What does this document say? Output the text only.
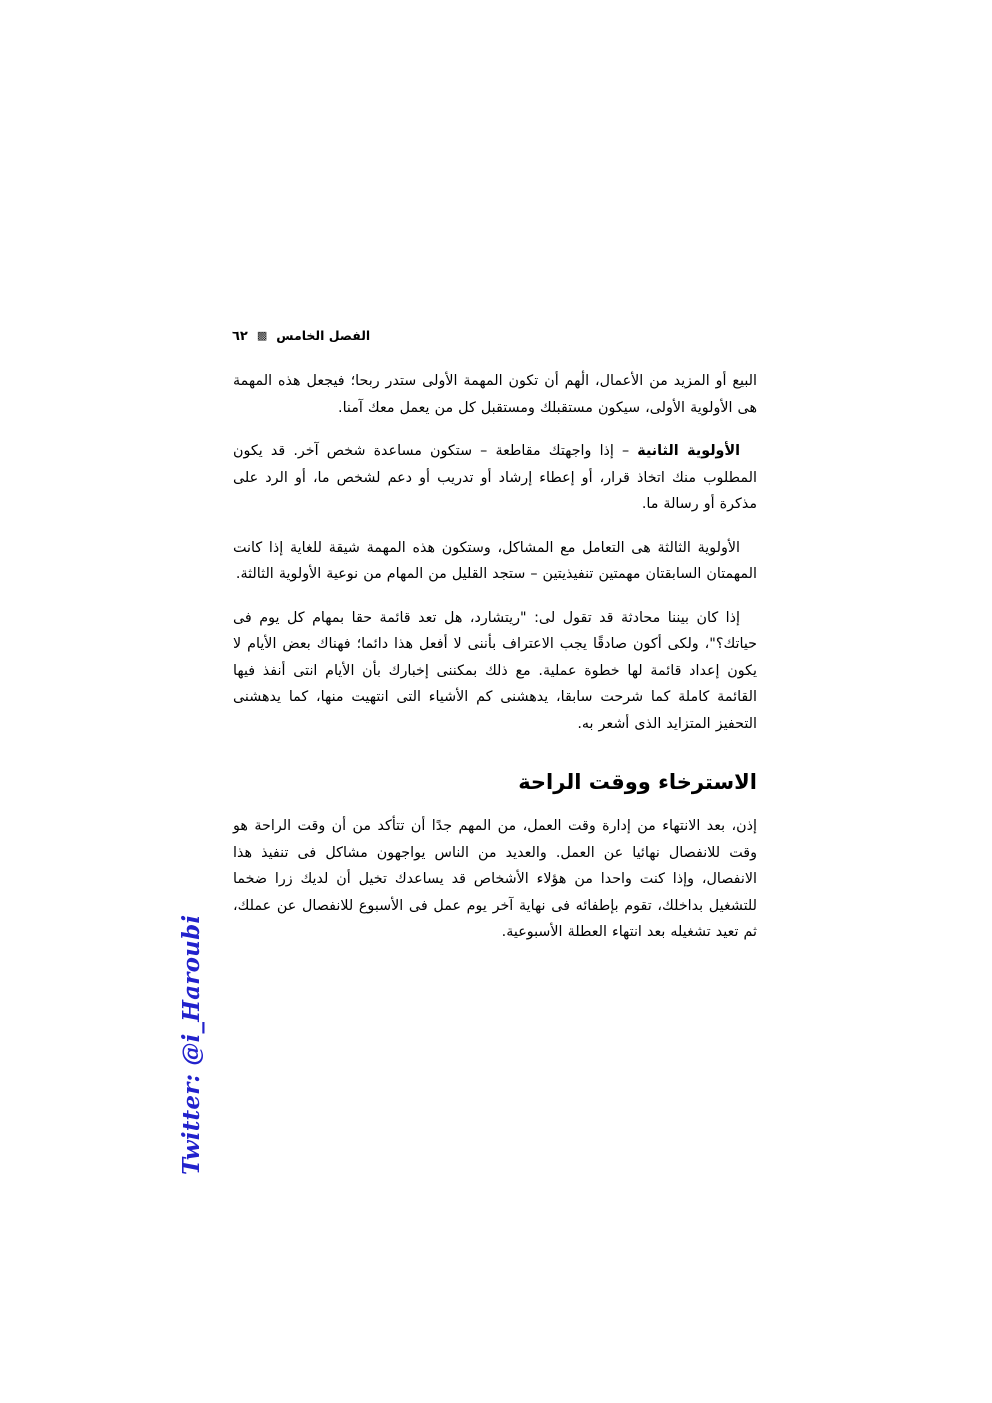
٦٢ ▩ الفصل الخامس

البيع أو المزيد من الأعمال، الٔهم أن تكون المهمة الأولى ستدر ربحا؛ فيجعل هذه المهمة هى الأولوية الأولى، سيكون مستقبلك ومستقبل كل من يعمل معك آمنا.

الأولوية الثانية – إذا واجهتك مقاطعة – ستكون مساعدة شخص آخر. قد يكون المطلوب منك اتخاذ قرار، أو إعطاء إرشاد أو تدريب أو دعم لشخص ما، أو الرد على مذكرة أو رسالة ما.

الأولوية الثالثة هى التعامل مع المشاكل، وستكون هذه المهمة شيقة للغاية إذا كانت المهمتان السابقتان مهمتين تنفيذيتين – ستجد القليل من المهام من نوعية الأولوية الثالثة.

إذا كان بيننا محادثة قد تقول لى: "ريتشارد، هل تعد قائمة حقا بمهام كل يوم فى حياتك؟"، ولكى أكون صادقًا يجب الاعتراف بأننى لا أفعل هذا دائما؛ فهناك بعض الأيام لا يكون إعداد قائمة لها خطوة عملية. مع ذلك بمكننى إخبارك بأن الأيام انتى أنفذ فيها القائمة كاملة كما شرحت سابقا، يدهشنى كم الأشياء التى انتهيت منها، كما يدهشنى التحفيز المتزايد الذى أشعر به.

الاسترخاء ووقت الراحة

إذن، بعد الانتهاء من إدارة وقت العمل، من المهم جدًا أن تتأكد من أن وقت الراحة هو وقت للانفصال نهائيا عن العمل. والعديد من الناس يواجهون مشاكل فى تنفيذ هذا الانفصال، وإذا كنت واحدا من هؤلاء الأشخاص قد يساعدك تخيل أن لديك زرا ضخما للتشغيل بداخلك، تقوم بإطفائه فى نهاية آخر يوم عمل فى الأسبوع للانفصال عن عملك، ثم تعيد تشغيله بعد انتهاء العطلة الأسبوعية.

Twitter: @i_Haroubi
